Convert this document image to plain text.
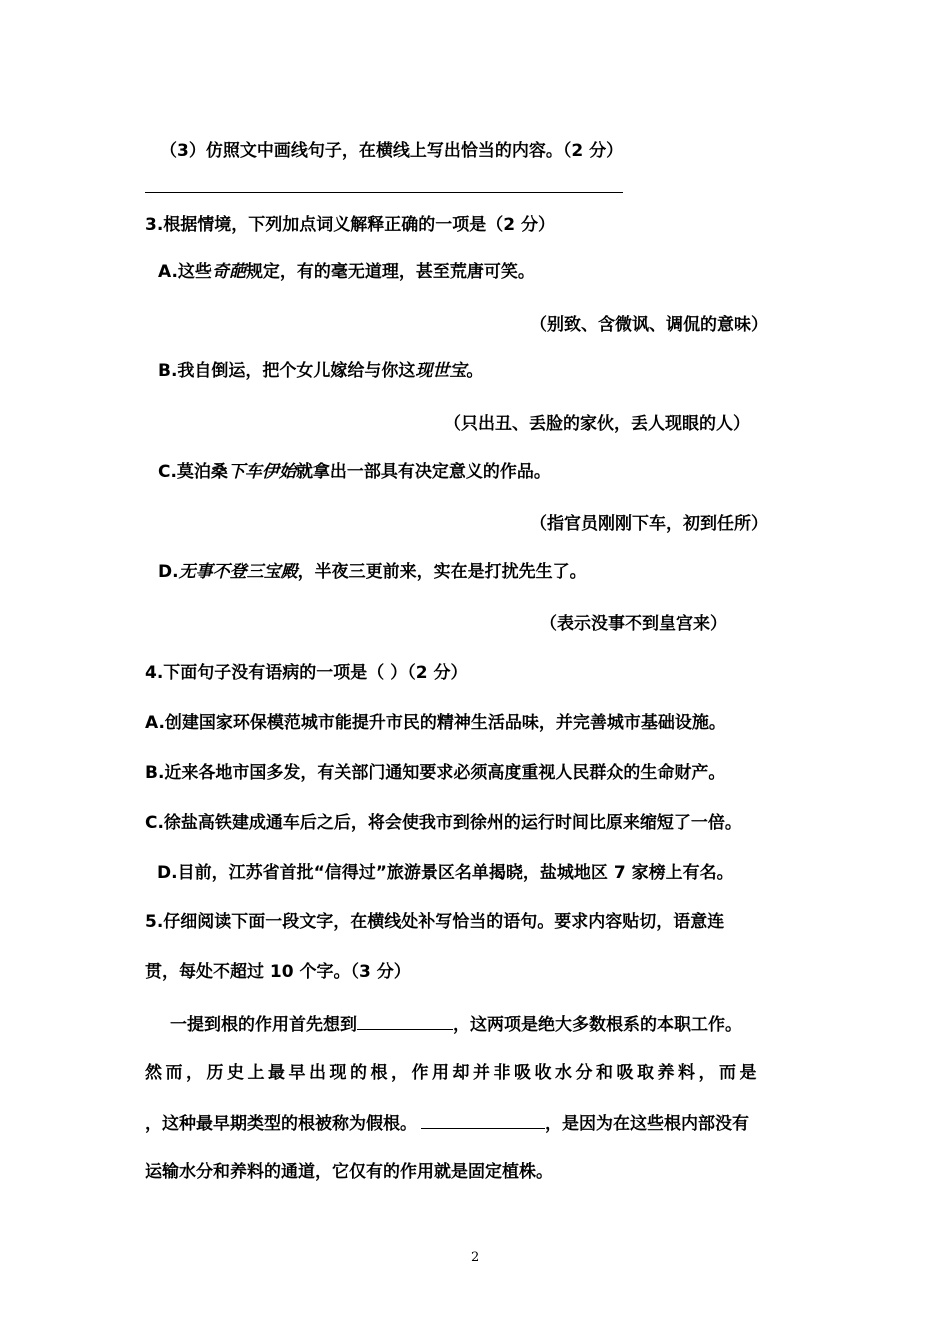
（3）仿照文中画线句子，在横线上写出恰当的内容。（2 分）
3.根据情境，下列加点词义解释正确的一项是（2 分）
A.这些奇葩规定，有的毫无道理，甚至荒唐可笑。
（别致、含微讽、调侃的意味）
B.我自倒运，把个女儿嫁给与你这现世宝。
（只出丑、丢脸的家伙，丢人现眼的人）
C.莫泊桑下车伊始就拿出一部具有决定意义的作品。
（指官员刚刚下车，初到任所）
D.无事不登三宝殿，半夜三更前来，实在是打扰先生了。
（表示没事不到皇宫来）
4.下面句子没有语病的一项是（ ）（2 分）
A.创建国家环保模范城市能提升市民的精神生活品味，并完善城市基础设施。
B.近来各地市国多发，有关部门通知要求必须高度重视人民群众的生命财产。
C.徐盐高铁建成通车后之后，将会使我市到徐州的运行时间比原来缩短了一倍。
D.目前，江苏省首批“信得过”旅游景区名单揭晓，盐城地区 7 家榜上有名。
5.仔细阅读下面一段文字，在横线处补写恰当的语句。要求内容贴切，语意连
贯，每处不超过 10 个字。（3 分）
一提到根的作用首先想到	，这两项是绝大多数根系的本职工作。
然而，历史上最早出现的根，作用却并非吸收水分和吸取养料，而是
，这种最早期类型的根被称为假根。	，是因为在这些根内部没有
运输水分和养料的通道，它仅有的作用就是固定植株。
2
